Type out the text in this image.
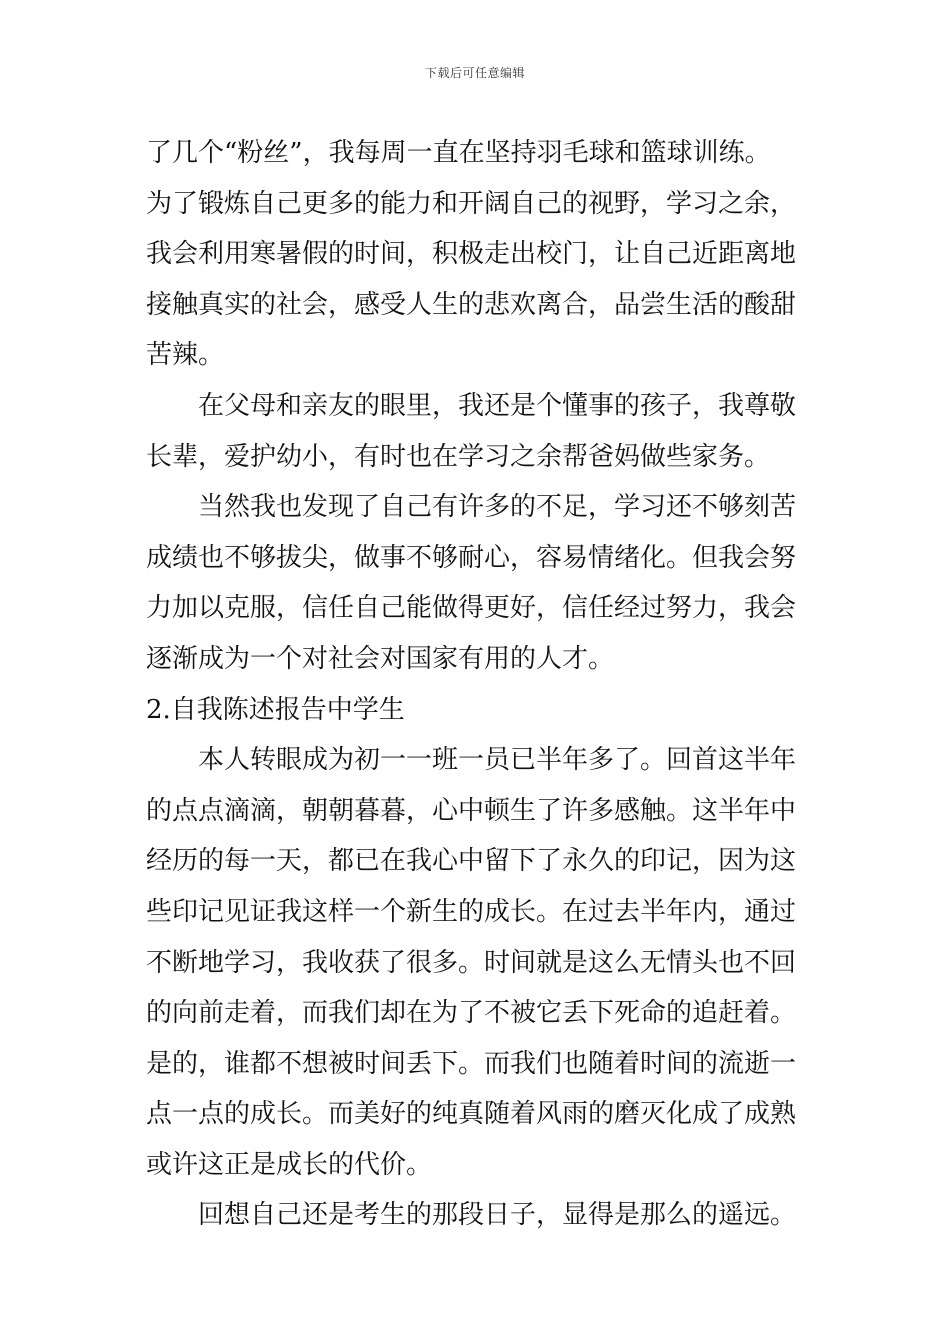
下载后可任意编辑
了几个“粉丝”，我每周一直在坚持羽毛球和篮球训练。
为了锻炼自己更多的能力和开阔自己的视野，学习之余，
我会利用寒暑假的时间，积极走出校门，让自己近距离地
接触真实的社会，感受人生的悲欢离合，品尝生活的酸甜
苦辣。
在父母和亲友的眼里，我还是个懂事的孩子，我尊敬
长辈，爱护幼小，有时也在学习之余帮爸妈做些家务。
当然我也发现了自己有许多的不足，学习还不够刻苦
成绩也不够拔尖，做事不够耐心，容易情绪化。但我会努
力加以克服，信任自己能做得更好，信任经过努力，我会
逐渐成为一个对社会对国家有用的人才。
2.自我陈述报告中学生
本人转眼成为初一一班一员已半年多了。回首这半年
的点点滴滴，朝朝暮暮，心中顿生了许多感触。这半年中
经历的每一天，都已在我心中留下了永久的印记，因为这
些印记见证我这样一个新生的成长。在过去半年内，通过
不断地学习，我收获了很多。时间就是这么无情头也不回
的向前走着，而我们却在为了不被它丢下死命的追赶着。
是的，谁都不想被时间丢下。而我们也随着时间的流逝一
点一点的成长。而美好的纯真随着风雨的磨灭化成了成熟
或许这正是成长的代价。
回想自己还是考生的那段日子，显得是那么的遥远。
